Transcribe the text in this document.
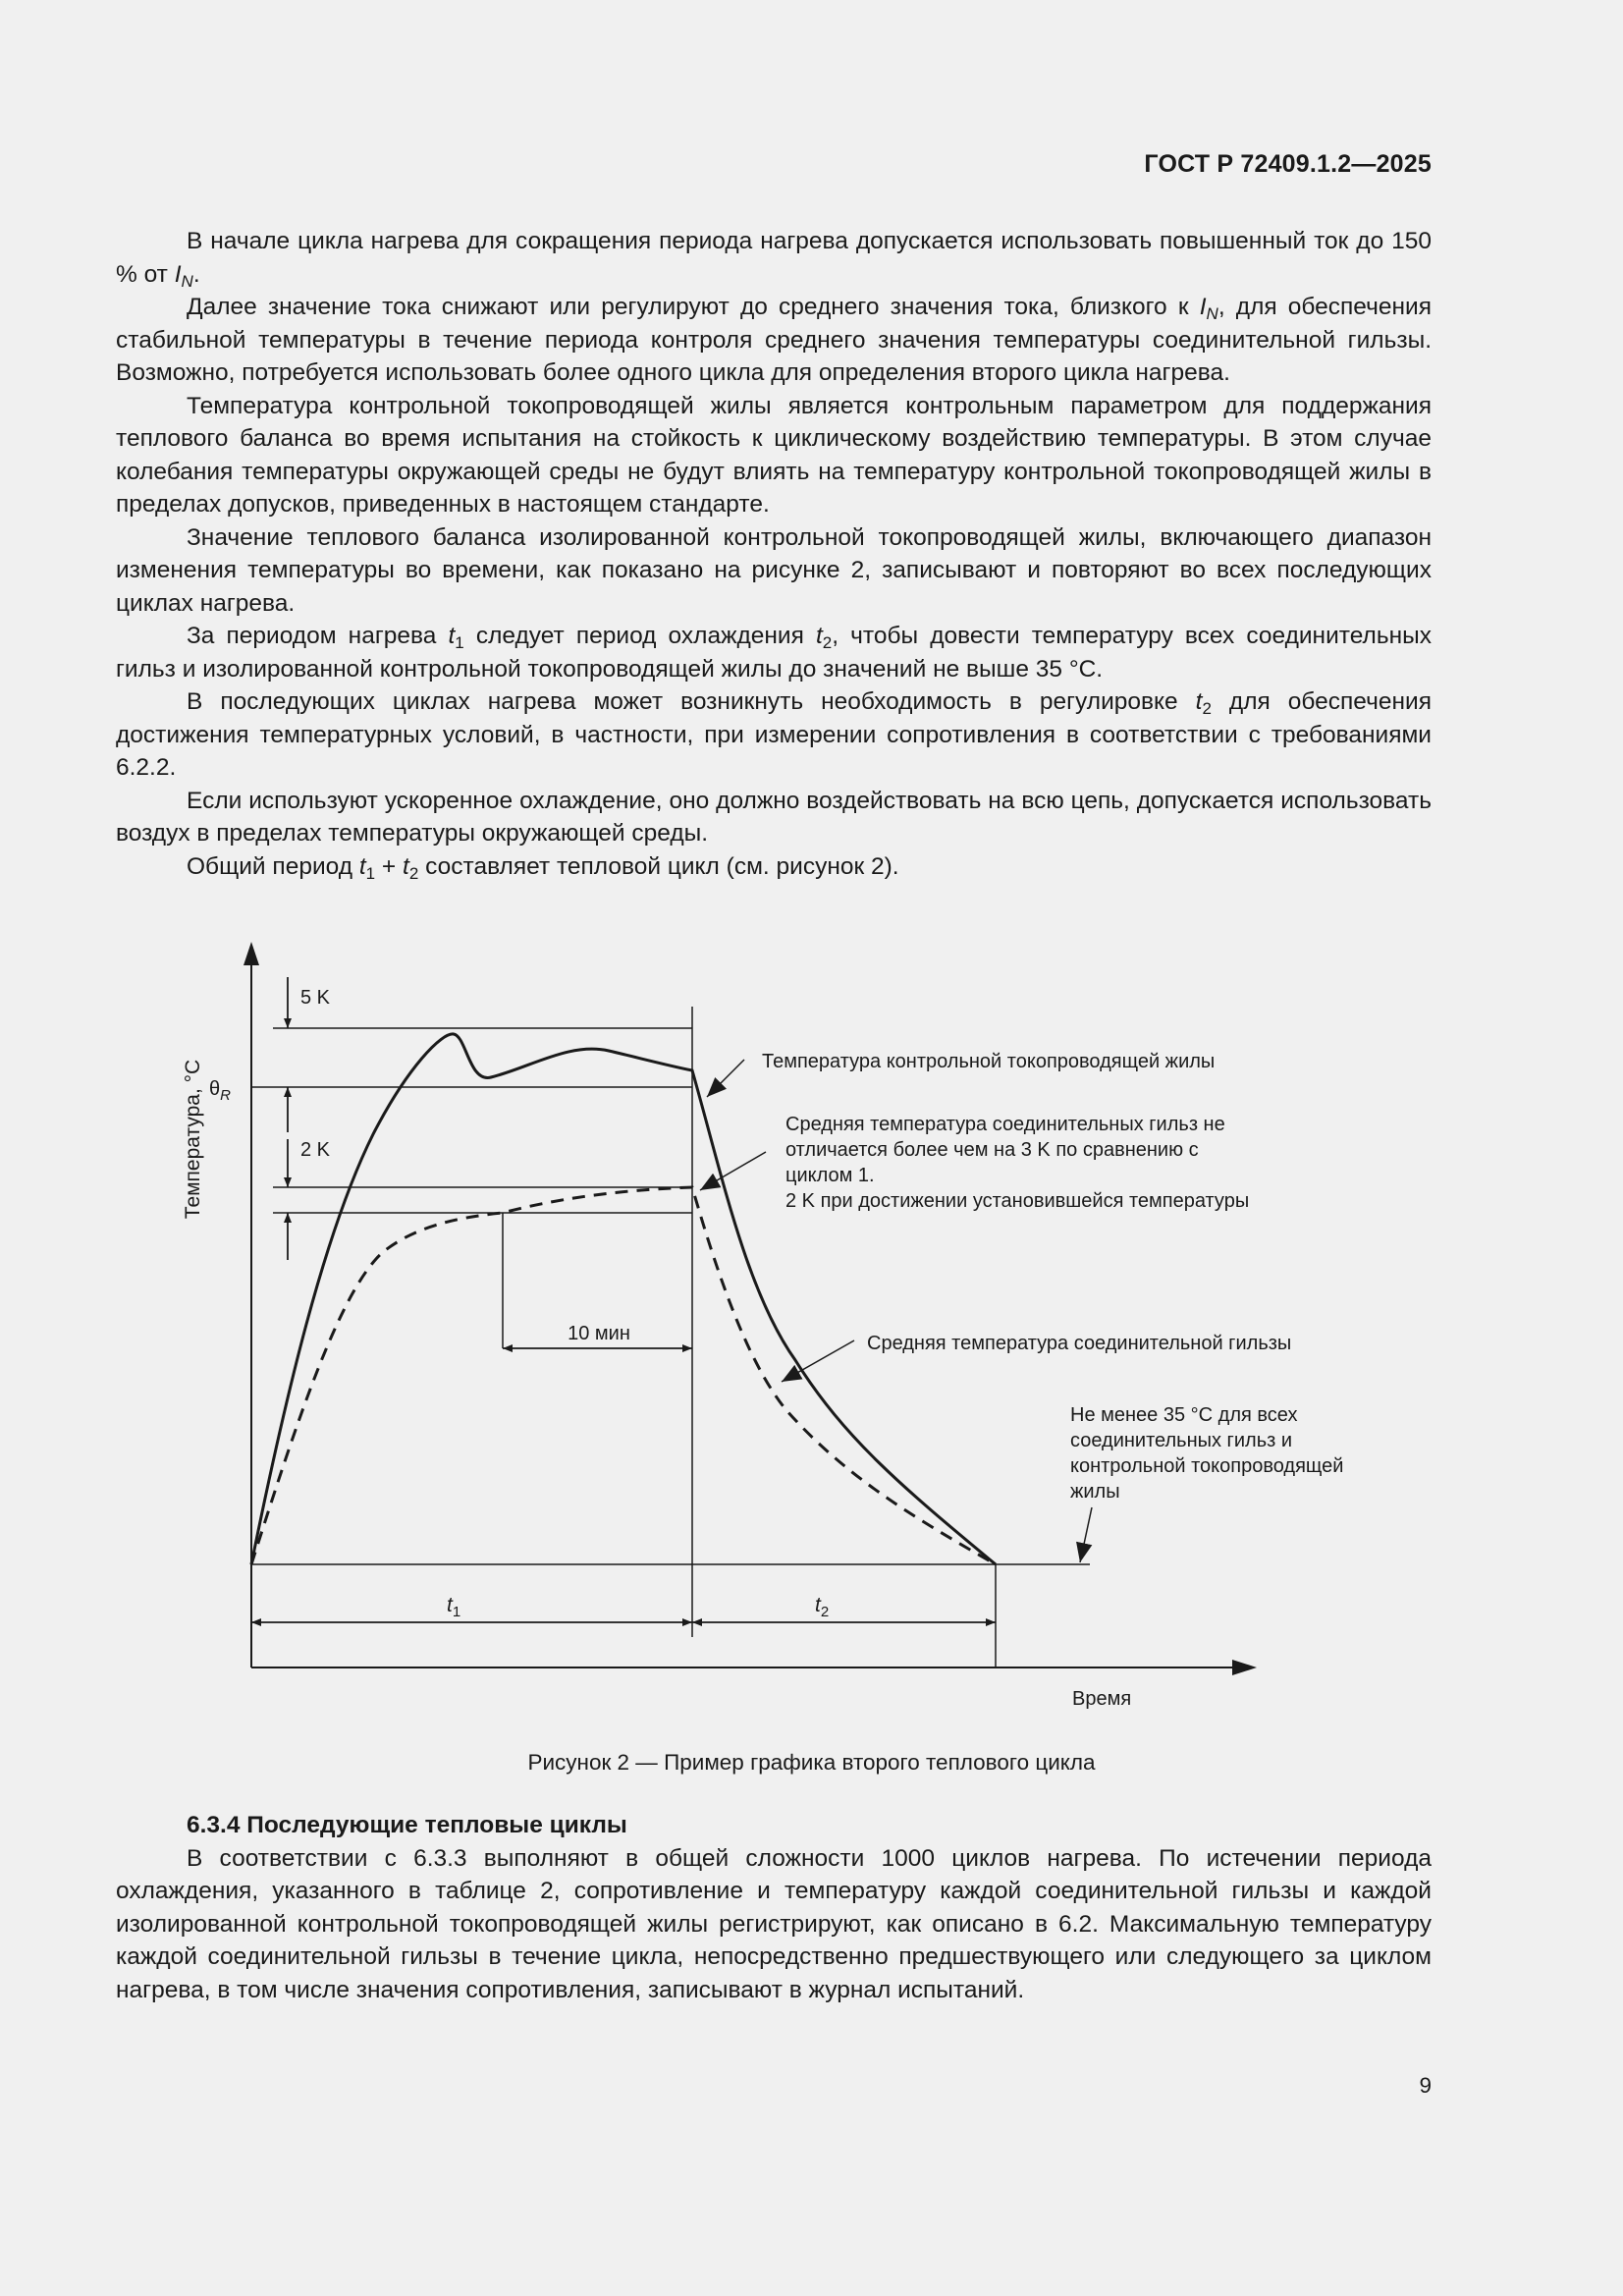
ГОСТ Р 72409.1.2—2025

В начале цикла нагрева для сокращения периода нагрева допускается использовать повышенный ток до 150 % от $I_N$.

Далее значение тока снижают или регулируют до среднего значения тока, близкого к $I_N$, для обеспечения стабильной температуры в течение периода контроля среднего значения температуры соединительной гильзы. Возможно, потребуется использовать более одного цикла для определения второго цикла нагрева.

Температура контрольной токопроводящей жилы является контрольным параметром для поддержания теплового баланса во время испытания на стойкость к циклическому воздействию температуры. В этом случае колебания температуры окружающей среды не будут влиять на температуру контрольной токопроводящей жилы в пределах допусков, приведенных в настоящем стандарте.

Значение теплового баланса изолированной контрольной токопроводящей жилы, включающего диапазон изменения температуры во времени, как показано на рисунке 2, записывают и повторяют во всех последующих циклах нагрева.

За периодом нагрева $t_1$ следует период охлаждения $t_2$, чтобы довести температуру всех соединительных гильз и изолированной контрольной токопроводящей жилы до значений не выше 35 °C.

В последующих циклах нагрева может возникнуть необходимость в регулировке $t_2$ для обеспечения достижения температурных условий, в частности, при измерении сопротивления в соответствии с требованиями 6.2.2.

Если используют ускоренное охлаждение, оно должно воздействовать на всю цепь, допускается использовать воздух в пределах температуры окружающей среды.

Общий период $t_1 + t_2$ составляет тепловой цикл (см. рисунок 2).

Температура, °C $\theta_R$
5 K
2 K
10 мин
$t_1$	$t_2$
Время
Температура контрольной токопроводящей жилы
Средняя температура соединительных гильз не
отличается более чем на 3 K по сравнению с
циклом 1.
2 K при достижении установившейся температуры
Средняя температура соединительной гильзы
Не менее 35 °C для всех
соединительных гильз и
контрольной токопроводящей
жилы
Рисунок 2 — Пример графика второго теплового цикла

6.3.4 Последующие тепловые циклы

В соответствии с 6.3.3 выполняют в общей сложности 1000 циклов нагрева. По истечении периода охлаждения, указанного в таблице 2, сопротивление и температуру каждой соединительной гильзы и каждой изолированной контрольной токопроводящей жилы регистрируют, как описано в 6.2. Максимальную температуру каждой соединительной гильзы в течение цикла, непосредственно предшествующего или следующего за циклом нагрева, в том числе значения сопротивления, записывают в журнал испытаний.

9
